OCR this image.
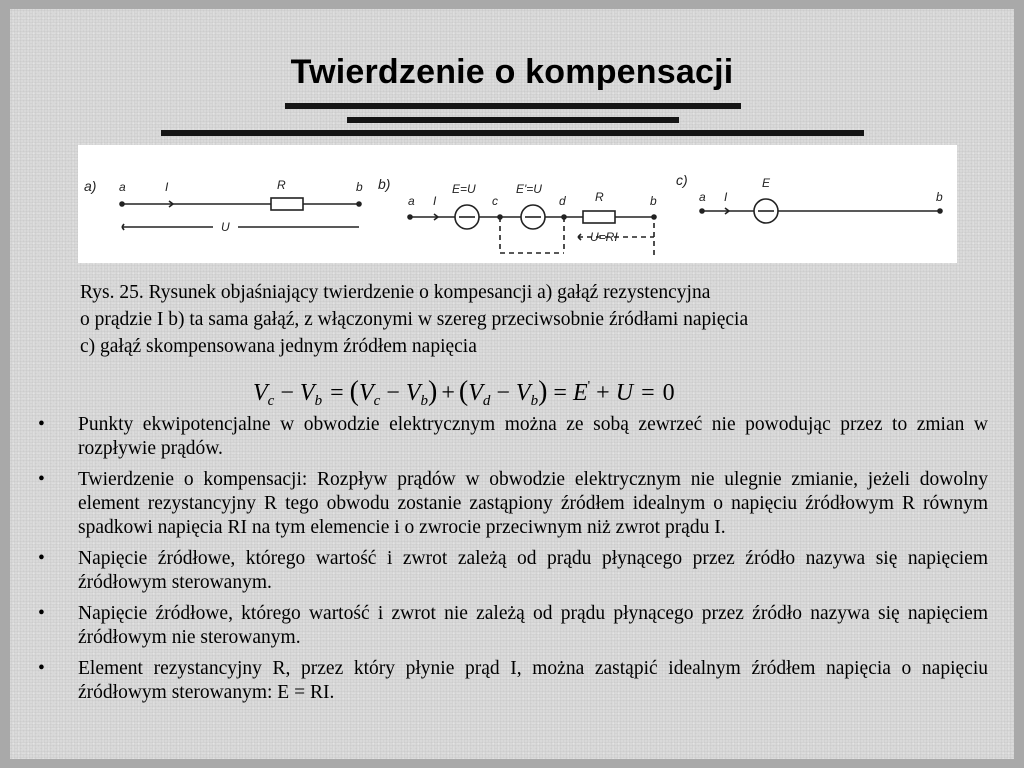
Twierdzenie o kompensacji
a) a	I	R	b
U
b)
a I
E=U
c
E'=U
d R	b
U=RI
c)
a I
E
b
Rys. 25. Rysunek objaśniający twierdzenie o kompesancji a) gałąź rezystencyjna
o prądzie I b) ta sama gałąź, z włączonymi w szereg przeciwsobnie źródłami napięcia
c) gałąź skompensowana jednym źródłem napięcia
$V_c - V_b = (V_c - V_b) + (V_d - V_b) = E' + U = 0$
• Punkty ekwipotencjalne w obwodzie elektrycznym można ze sobą zewrzeć nie powodując przez to zmian w rozpływie prądów.
• Twierdzenie o kompensacji: Rozpływ prądów w obwodzie elektrycznym nie ulegnie zmianie, jeżeli dowolny element rezystancyjny R tego obwodu zostanie zastąpiony źródłem idealnym o napięciu źródłowym R równym spadkowi napięcia RI na tym elemencie i o zwrocie przeciwnym niż zwrot prądu I.
• Napięcie źródłowe, którego wartość i zwrot zależą od prądu płynącego przez źródło nazywa się napięciem źródłowym sterowanym.
• Napięcie źródłowe, którego wartość i zwrot nie zależą od prądu płynącego przez źródło nazywa się napięciem źródłowym nie sterowanym.
• Element rezystancyjny R, przez który płynie prąd I, można zastąpić idealnym źródłem napięcia o napięciu źródłowym sterowanym: E = RI.
